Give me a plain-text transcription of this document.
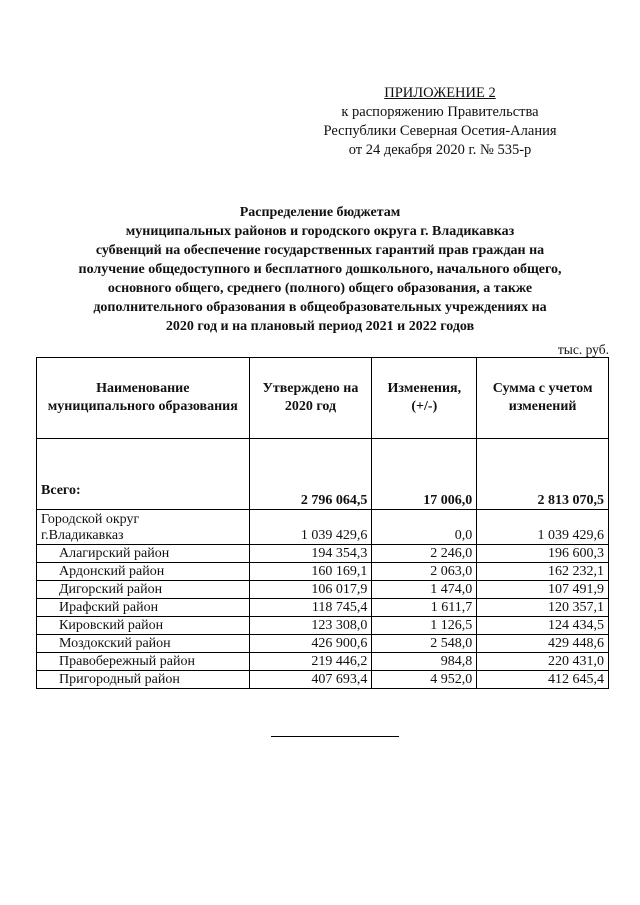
ПРИЛОЖЕНИЕ 2
к распоряжению Правительства
Республики Северная Осетия-Алания
от 24 декабря 2020 г. № 535-р
Распределение бюджетам
муниципальных районов и городского округа г. Владикавказ
субвенций на обеспечение государственных гарантий прав граждан на
получение общедоступного и бесплатного дошкольного, начального общего,
основного общего, среднего (полного) общего образования, а также
дополнительного образования в общеобразовательных учреждениях на
2020 год и на плановый период 2021 и 2022 годов
тыс. руб.
Наименование муниципального образования	Утверждено на 2020 год	Изменения, (+/-)	Сумма с учетом изменений
Всего:	2 796 064,5	17 006,0	2 813 070,5

Городской округ
г.Владикавказ	1 039 429,6	0,0	1 039 429,6
Алагирский район	194 354,3	2 246,0	196 600,3
Ардонский район	160 169,1	2 063,0	162 232,1
Дигорский район	106 017,9	1 474,0	107 491,9
Ирафский район	118 745,4	1 611,7	120 357,1
Кировский район	123 308,0	1 126,5	124 434,5
Моздокский район	426 900,6	2 548,0	429 448,6
Правобережный район	219 446,2	984,8	220 431,0
Пригородный район	407 693,4	4 952,0	412 645,4
